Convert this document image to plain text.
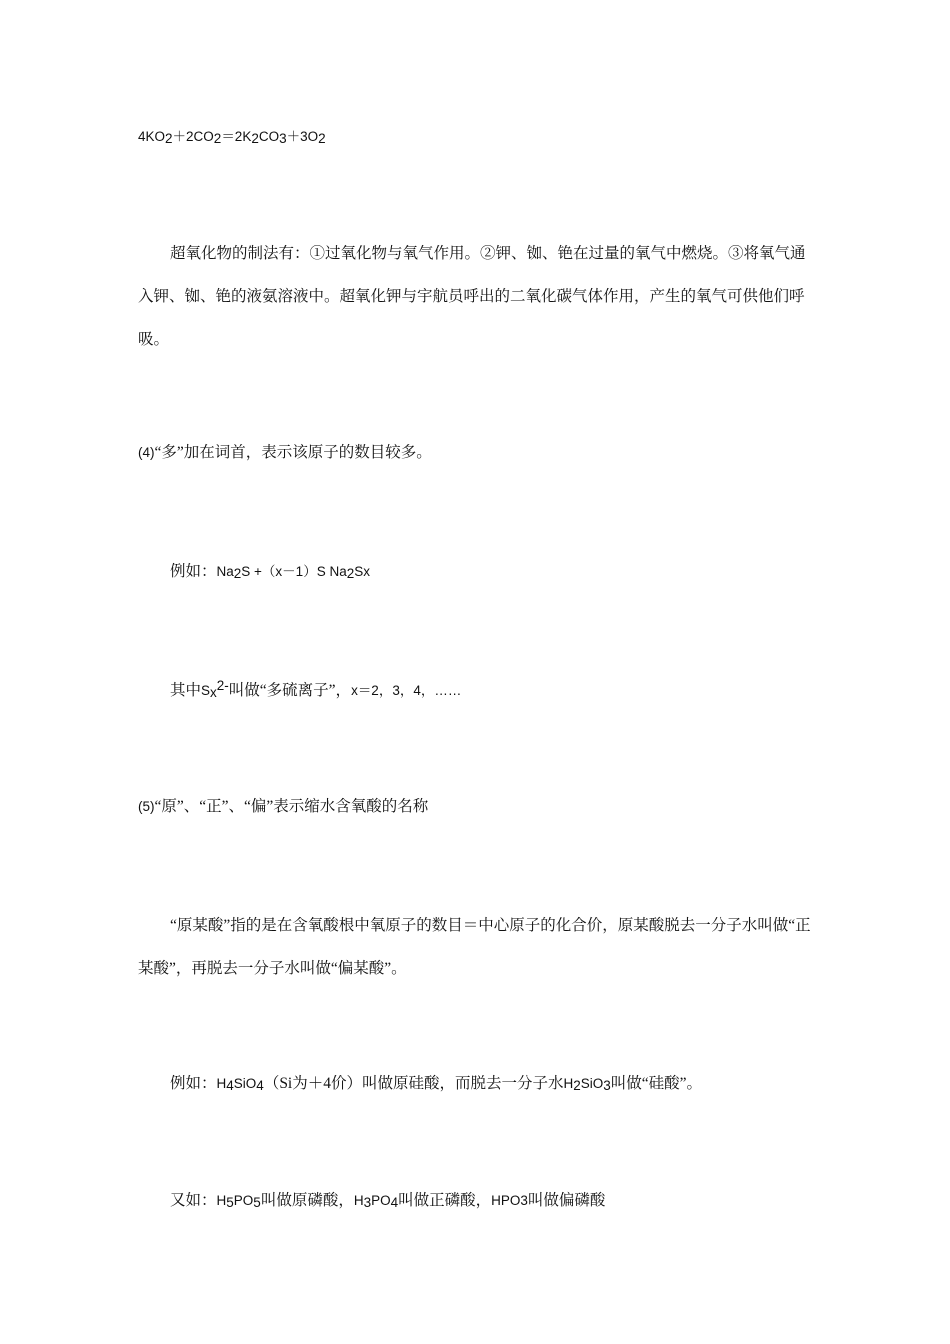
$4KO_2+2CO_2=2K_2CO_3+3O_2$
超氧化物的制法有：①过氧化物与氧气作用。②钾、铷、铯在过量的氧气中燃烧。③将氧气通入钾、铷、铯的液氨溶液中。超氧化钾与宇航员呼出的二氧化碳气体作用，产生的氧气可供他们呼吸。
(4)“多”加在词首，表示该原子的数目较多。
例如：$Na_2S +(x-1)S$ $Na_2Sx$
其中$S_x^{2-}$叫做“多硫离子”，x＝2，3，4，……
(5)“原”、“正”、“偏”表示缩水含氧酸的名称
“原某酸”指的是在含氧酸根中氧原子的数目＝中心原子的化合价，原某酸脱去一分子水叫做“正某酸”，再脱去一分子水叫做“偏某酸”。
例如：$H_4SiO_4(Si$为＋4价）叫做原硅酸，而脱去一分子水$H_2SiO_3$叫做“硅酸”。
又如：$H_5PO_5$叫做原磷酸，$H_3PO_4$叫做正磷酸，HPO3叫做偏磷酸
